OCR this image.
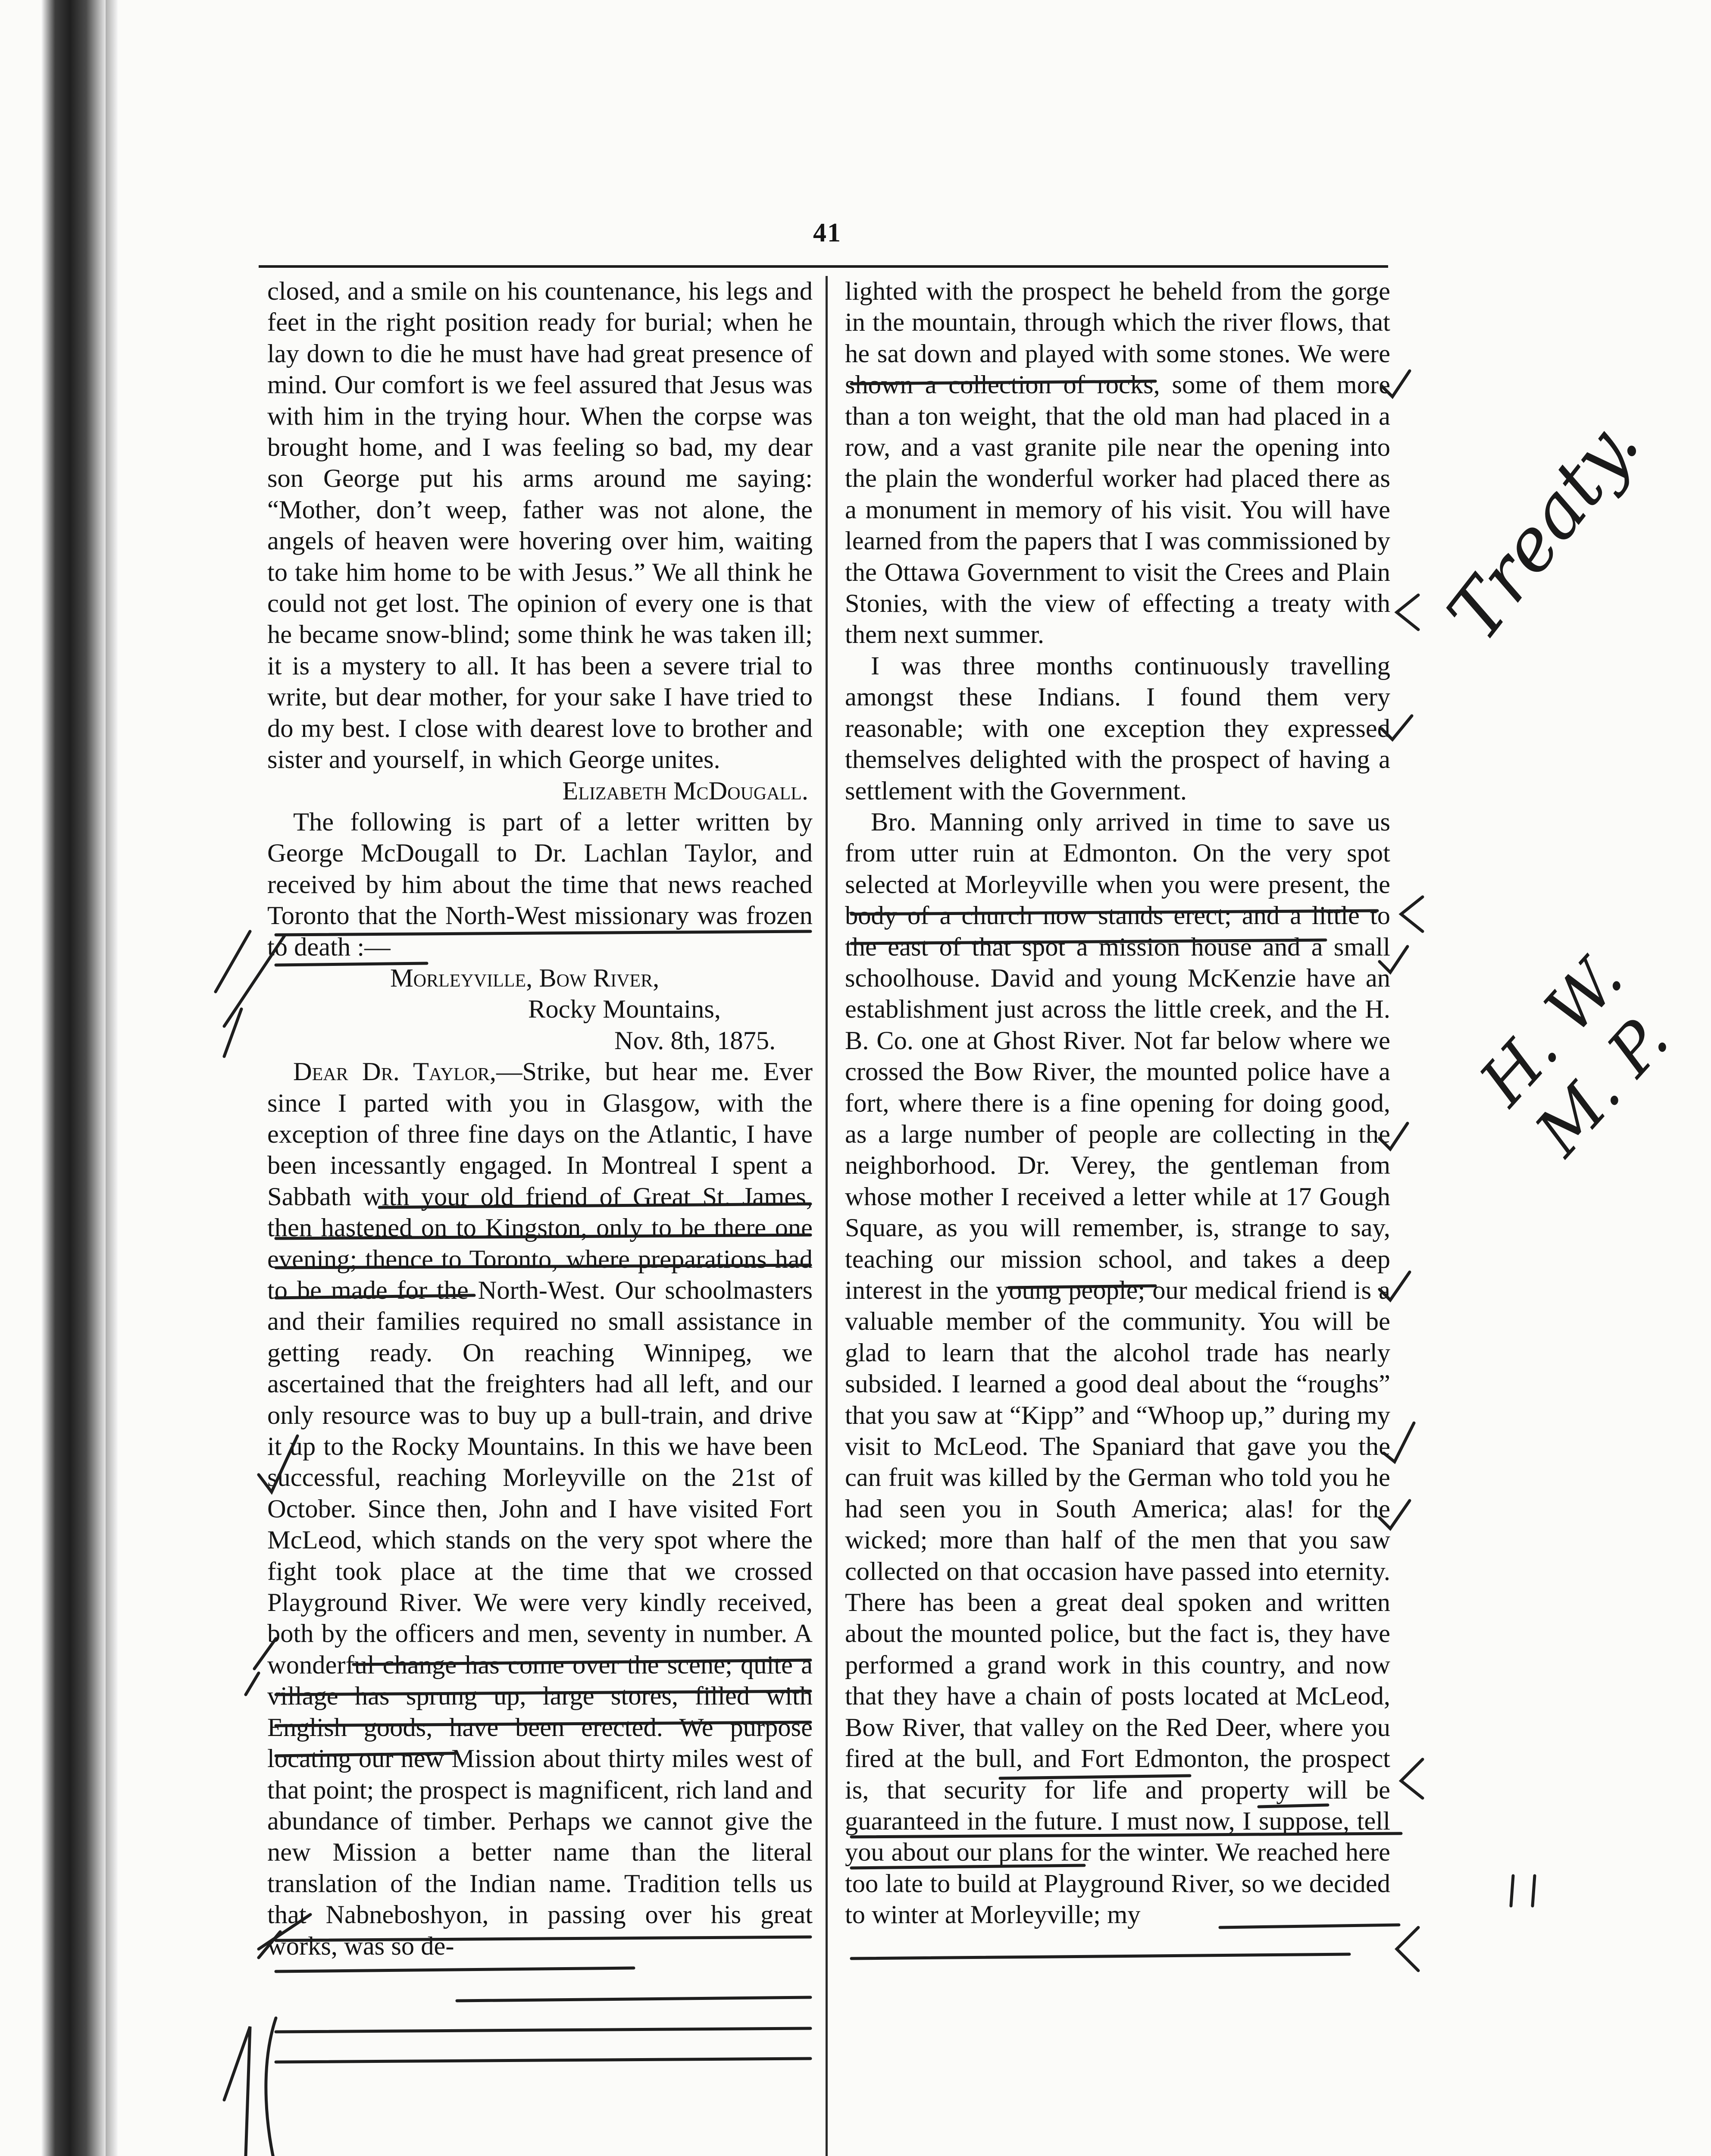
41

closed, and a smile on his countenance, his legs and feet in the right position ready for burial; when he lay down to die he must have had great presence of mind. Our comfort is we feel assured that Jesus was with him in the trying hour. When the corpse was brought home, and I was feeling so bad, my dear son George put his arms around me saying: “Mother, don’t weep, father was not alone, the angels of heaven were hovering over him, waiting to take him home to be with Jesus.” We all think he could not get lost. The opinion of every one is that he became snow-blind; some think he was taken ill; it is a mystery to all. It has been a severe trial to write, but dear mother, for your sake I have tried to do my best. I close with dearest love to brother and sister and yourself, in which George unites.

Elizabeth McDougall.

The following is part of a letter written by George McDougall to Dr. Lachlan Taylor, and received by him about the time that news reached Toronto that the North-West missionary was frozen to death :—

Morleyville, Bow River,

Rocky Mountains,

Nov. 8th, 1875.

Dear Dr. Taylor,—Strike, but hear me. Ever since I parted with you in Glasgow, with the exception of three fine days on the Atlantic, I have been incessantly engaged. In Montreal I spent a Sabbath with your old friend of Great St. James, then hastened on to Kingston, only to be there one evening; thence to Toronto, where preparations had to be made for the North-West. Our schoolmasters and their families required no small assistance in getting ready. On reaching Winnipeg, we ascertained that the freighters had all left, and our only resource was to buy up a bull-train, and drive it up to the Rocky Mountains. In this we have been successful, reaching Morleyville on the 21st of October. Since then, John and I have visited Fort McLeod, which stands on the very spot where the fight took place at the time that we crossed Playground River. We were very kindly received, both by the officers and men, seventy in number. A wonderful change has come over the scene; quite a village has sprung up, large stores, filled with English goods, have been erected. We purpose locating our new Mission about thirty miles west of that point; the prospect is magnificent, rich land and abundance of timber. Perhaps we cannot give the new Mission a better name than the literal translation of the Indian name. Tradition tells us that Nabneboshyon, in passing over his great works, was so de-

lighted with the prospect he beheld from the gorge in the mountain, through which the river flows, that he sat down and played with some stones. We were shown a collection of rocks, some of them more than a ton weight, that the old man had placed in a row, and a vast granite pile near the opening into the plain the wonderful worker had placed there as a monument in memory of his visit. You will have learned from the papers that I was commissioned by the Ottawa Government to visit the Crees and Plain Stonies, with the view of effecting a treaty with them next summer.

I was three months continuously travelling amongst these Indians. I found them very reasonable; with one exception they expressed themselves delighted with the prospect of having a settlement with the Government.

Bro. Manning only arrived in time to save us from utter ruin at Edmonton. On the very spot selected at Morleyville when you were present, the body of a church now stands erect; and a little to the east of that spot a mission house and a small schoolhouse. David and young McKenzie have an establishment just across the little creek, and the H. B. Co. one at Ghost River. Not far below where we crossed the Bow River, the mounted police have a fort, where there is a fine opening for doing good, as a large number of people are collecting in the neighborhood. Dr. Verey, the gentleman from whose mother I received a letter while at 17 Gough Square, as you will remember, is, strange to say, teaching our mission school, and takes a deep interest in the young people; our medical friend is a valuable member of the community. You will be glad to learn that the alcohol trade has nearly subsided. I learned a good deal about the “roughs” that you saw at “Kipp” and “Whoop up,” during my visit to McLeod. The Spaniard that gave you the can fruit was killed by the German who told you he had seen you in South America; alas! for the wicked; more than half of the men that you saw collected on that occasion have passed into eternity. There has been a great deal spoken and written about the mounted police, but the fact is, they have performed a grand work in this country, and now that they have a chain of posts located at McLeod, Bow River, that valley on the Red Deer, where you fired at the bull, and Fort Edmonton, the prospect is, that security for life and property will be guaranteed in the future. I must now, I suppose, tell you about our plans for the winter. We reached here too late to build at Playground River, so we decided to winter at Morleyville; my

Treaty.
H. W. M. P.
